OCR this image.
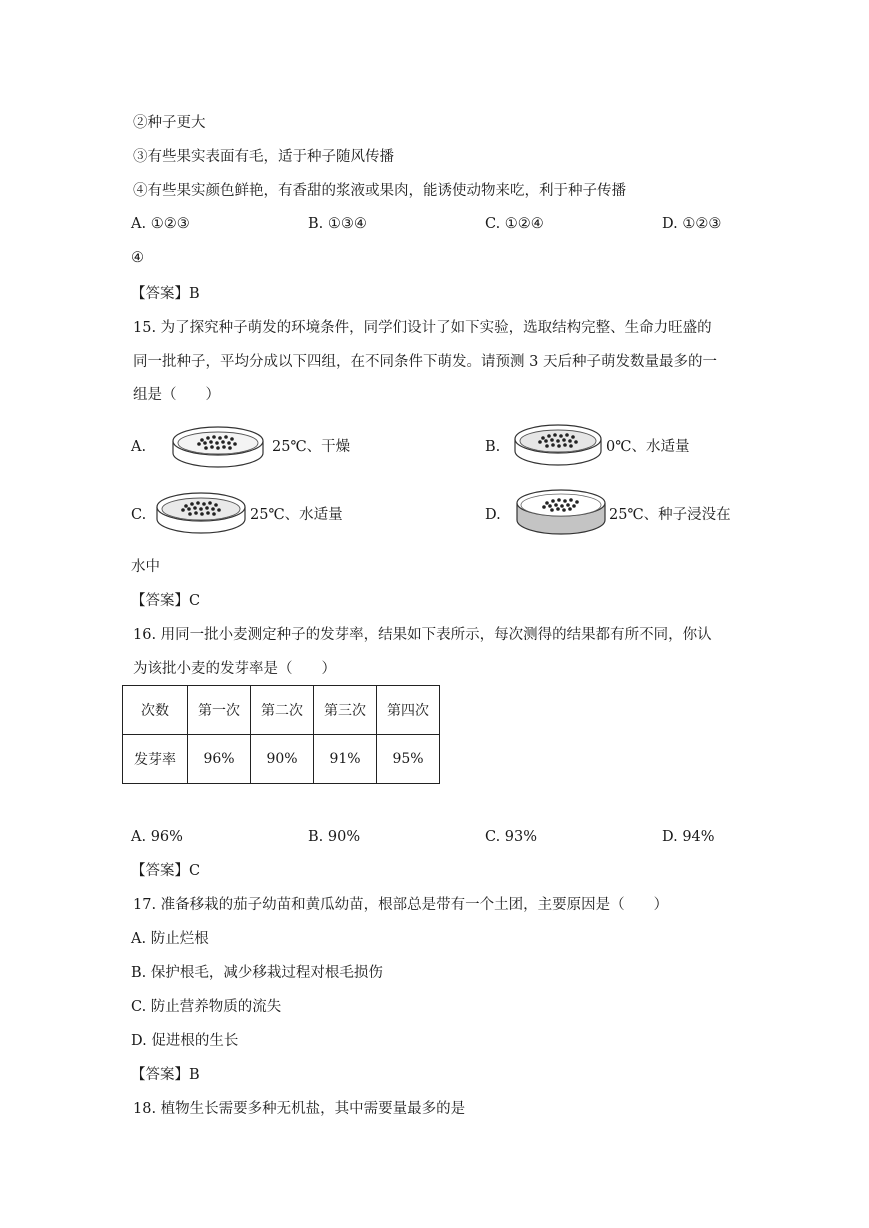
②种子更大
③有些果实表面有毛，适于种子随风传播
④有些果实颜色鲜艳，有香甜的浆液或果肉，能诱使动物来吃，利于种子传播
A. ①②③	B. ①③④	C. ①②④	D. ①②③
④
【答案】B
15. 为了探究种子萌发的环境条件，同学们设计了如下实验，选取结构完整、生命力旺盛的
同一批种子，平均分成以下四组，在不同条件下萌发。请预测 3 天后种子萌发数量最多的一
组是（　　）
A.	25℃、干燥	B.	0℃、水适量
C.	25℃、水适量	D.	25℃、种子浸没在
水中
【答案】C
16. 用同一批小麦测定种子的发芽率，结果如下表所示，每次测得的结果都有所不同，你认
为该批小麦的发芽率是（　　）
次数	第一次	第二次	第三次	第四次
发芽率	96%	90%	91%	95%
A. 96%	B. 90%	C. 93%	D. 94%
【答案】C
17. 准备移栽的茄子幼苗和黄瓜幼苗，根部总是带有一个土团，主要原因是（　　）
A. 防止烂根
B. 保护根毛，减少移栽过程对根毛损伤
C. 防止营养物质的流失
D. 促进根的生长
【答案】B
18. 植物生长需要多种无机盐，其中需要量最多的是
